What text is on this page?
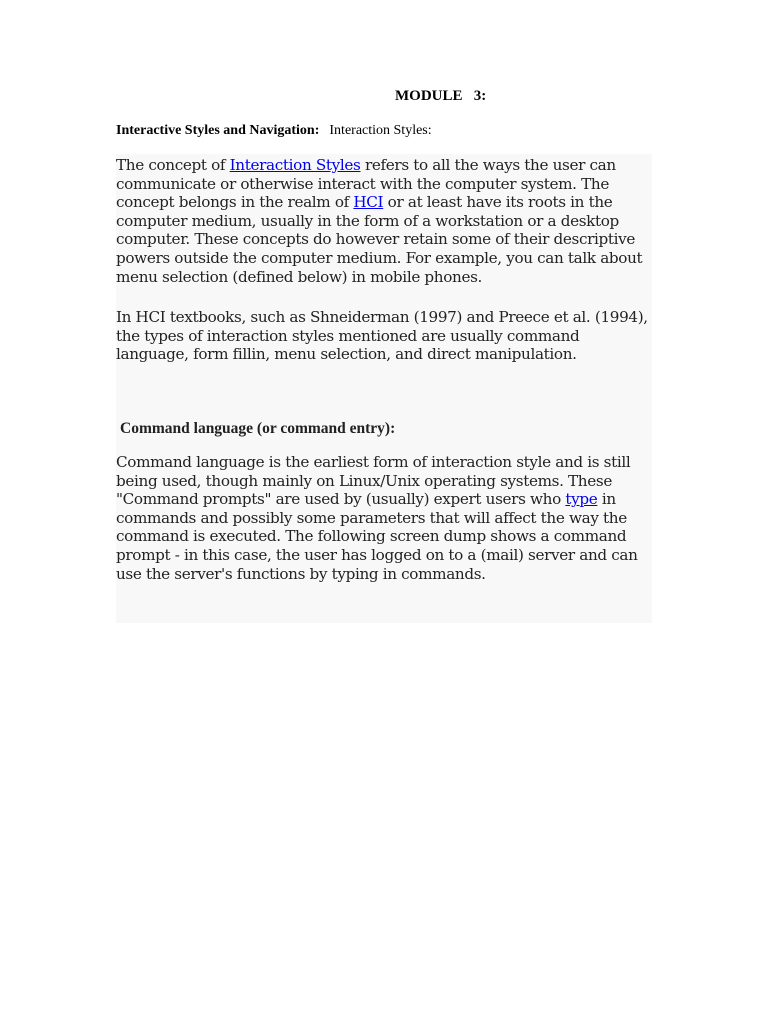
MODULE   3:

Interactive Styles and Navigation: Interaction Styles:

The concept of Interaction Styles refers to all the ways the user can communicate or otherwise interact with the computer system. The concept belongs in the realm of HCI or at least have its roots in the computer medium, usually in the form of a workstation or a desktop computer. These concepts do however retain some of their descriptive powers outside the computer medium. For example, you can talk about menu selection (defined below) in mobile phones.

In HCI textbooks, such as Shneiderman (1997) and Preece et al. (1994), the types of interaction styles mentioned are usually command language, form fillin, menu selection, and direct manipulation.

Command language (or command entry):

Command language is the earliest form of interaction style and is still being used, though mainly on Linux/Unix operating systems. These "Command prompts" are used by (usually) expert users who type in commands and possibly some parameters that will affect the way the command is executed. The following screen dump shows a command prompt - in this case, the user has logged on to a (mail) server and can use the server's functions by typing in commands.
